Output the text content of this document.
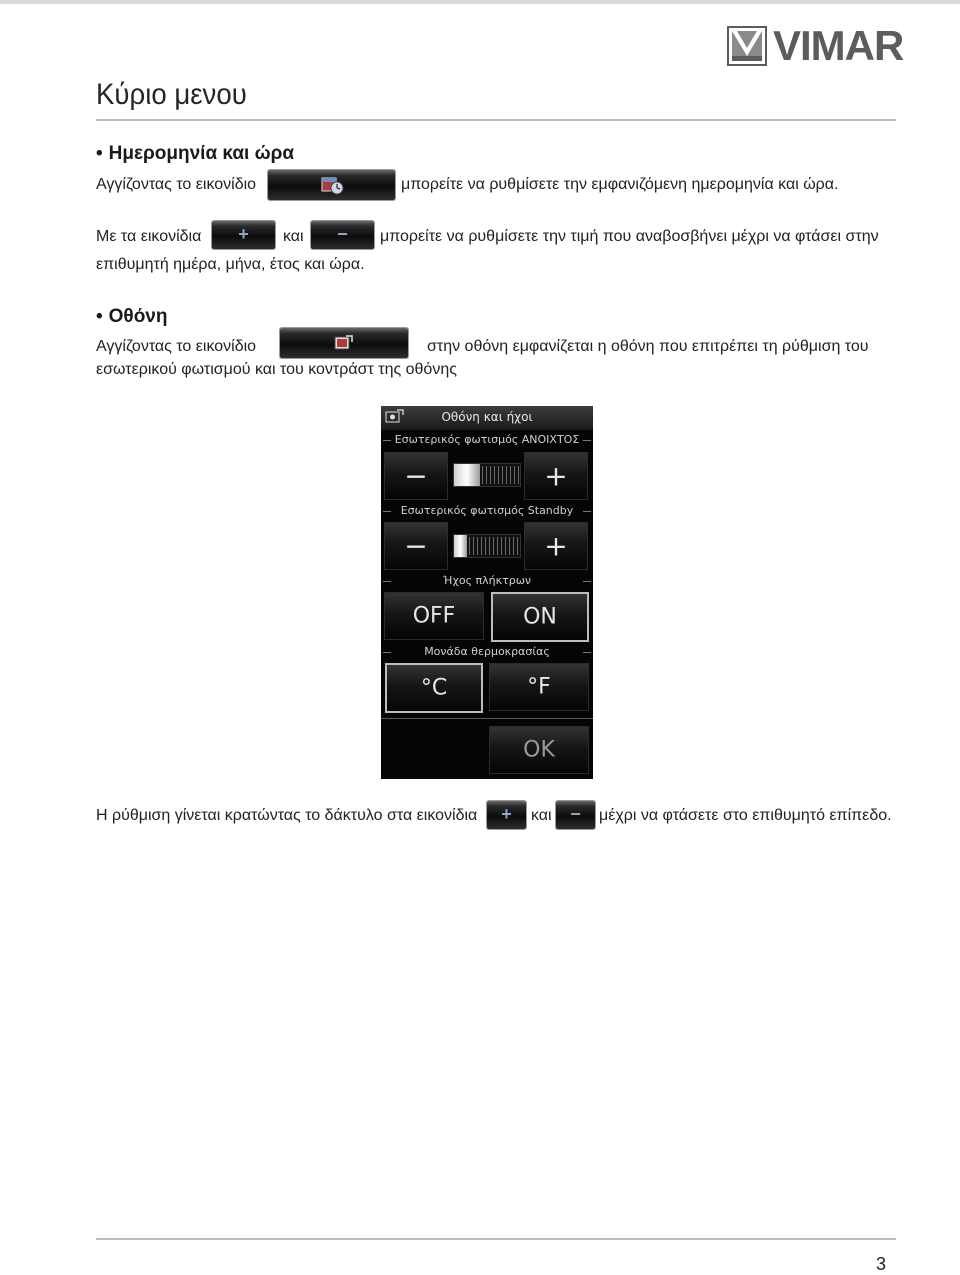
VIMAR
Κύριο μενου
• Ημερομηνία και ώρα
Αγγίζοντας το εικονίδιο	μπορείτε να ρυθμίσετε την εμφανιζόμενη ημερομηνία και ώρα.
Με τα εικονίδια	+	και	−	μπορείτε να ρυθμίσετε την τιμή που αναβοσβήνει μέχρι να φτάσει στην
επιθυμητή ημέρα, μήνα, έτος και ώρα.
• Οθόνη
Αγγίζοντας το εικονίδιο	στην οθόνη εμφανίζεται η οθόνη που επιτρέπει τη ρύθμιση του
εσωτερικού φωτισμού και του κοντράστ της οθόνης
Οθόνη και ήχοι
Εσωτερικός φωτισμός ΑΝΟΙΧΤΟΣ
−	+
Εσωτερικός φωτισμός Standby
−	+
Ήχος πλήκτρων
OFF	ON
Μονάδα θερμοκρασίας
°C	°F
OK
Η ρύθμιση γίνεται κρατώντας το δάκτυλο στα εικονίδια	+	και	−	μέχρι να φτάσετε στο επιθυμητό επίπεδο.
3
